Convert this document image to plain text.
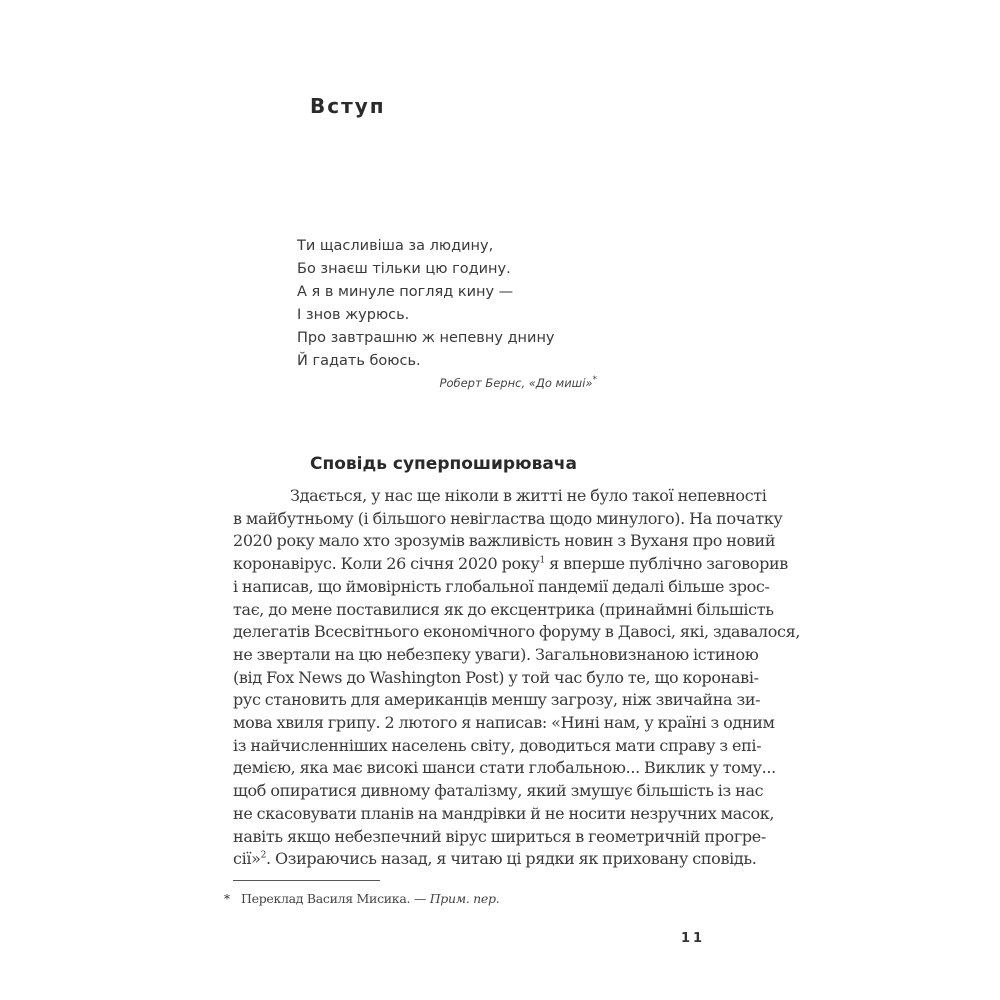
Вступ
Ти щасливіша за людину,
Бо знаєш тільки цю годину.
А я в минуле погляд кину —
І знов журюсь.
Про завтрашню ж непевну днину
Й гадать боюсь.
Роберт Бернс, «До миші»*
Сповідь суперпоширювача
Здається, у нас ще ніколи в житті не було такої непевності
в майбутньому (і більшого невігластва щодо минулого). На початку
2020 року мало хто зрозумів важливість новин з Вуханя про новий
коронавірус. Коли 26 січня 2020 року$^1$ я вперше публічно заговорив
і написав, що ймовірність глобальної пандемії дедалі більше зрос-
тає, до мене поставилися як до ексцентрика (принаймні більшість
делегатів Всесвітнього економічного форуму в Давосі, які, здавалося,
не звертали на цю небезпеку уваги). Загальновизнаною істиною
(від Fox News до Washington Post) у той час було те, що коронаві-
рус становить для американців меншу загрозу, ніж звичайна зи-
мова хвиля грипу. 2 лютого я написав: «Нині нам, у країні з одним
із найчисленніших населень світу, доводиться мати справу з епі-
демією, яка має високі шанси стати глобальною... Виклик у тому...
щоб опиратися дивному фаталізму, який змушує більшість із нас
не скасовувати планів на мандрівки й не носити незручних масок,
навіть якщо небезпечний вірус шириться в геометричній прогре-
сії»$^2$. Озираючись назад, я читаю ці рядки як приховану сповідь.
* Переклад Василя Мисика. — Прим. пер.
11
